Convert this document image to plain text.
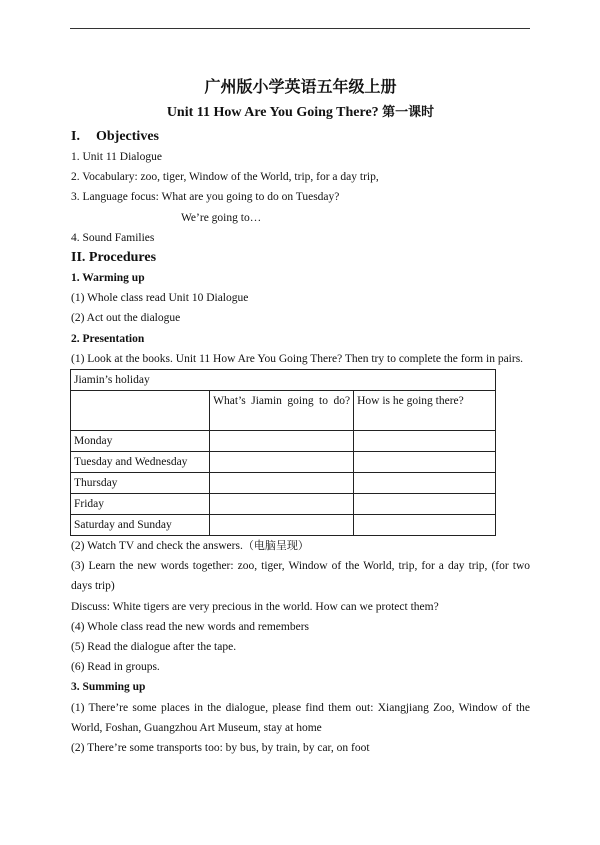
广州版小学英语五年级上册
Unit 11 How Are You Going There? 第一课时
I. Objectives
1. Unit 11 Dialogue
2. Vocabulary: zoo, tiger, Window of the World, trip, for a day trip,
3. Language focus: What are you going to do on Tuesday?
We’re going to…
4. Sound Families
II. Procedures
1. Warming up
(1) Whole class read Unit 10 Dialogue
(2) Act out the dialogue
2. Presentation
(1) Look at the books. Unit 11 How Are You Going There? Then try to complete the form in pairs.
Jiamin’s holiday		
	What’s Jiamin going to do?	How is he going there?
Monday		
Tuesday and Wednesday		
Thursday		
Friday		
Saturday and Sunday		
(2) Watch TV and check the answers.（电脑呈现）
(3) Learn the new words together: zoo, tiger, Window of the World, trip, for a day trip, (for two days trip)
Discuss: White tigers are very precious in the world. How can we protect them?
(4) Whole class read the new words and remembers
(5) Read the dialogue after the tape.
(6) Read in groups.
3. Summing up
(1) There’re some places in the dialogue, please find them out: Xiangjiang Zoo, Window of the World, Foshan, Guangzhou Art Museum, stay at home
(2) There’re some transports too: by bus, by train, by car, on foot
